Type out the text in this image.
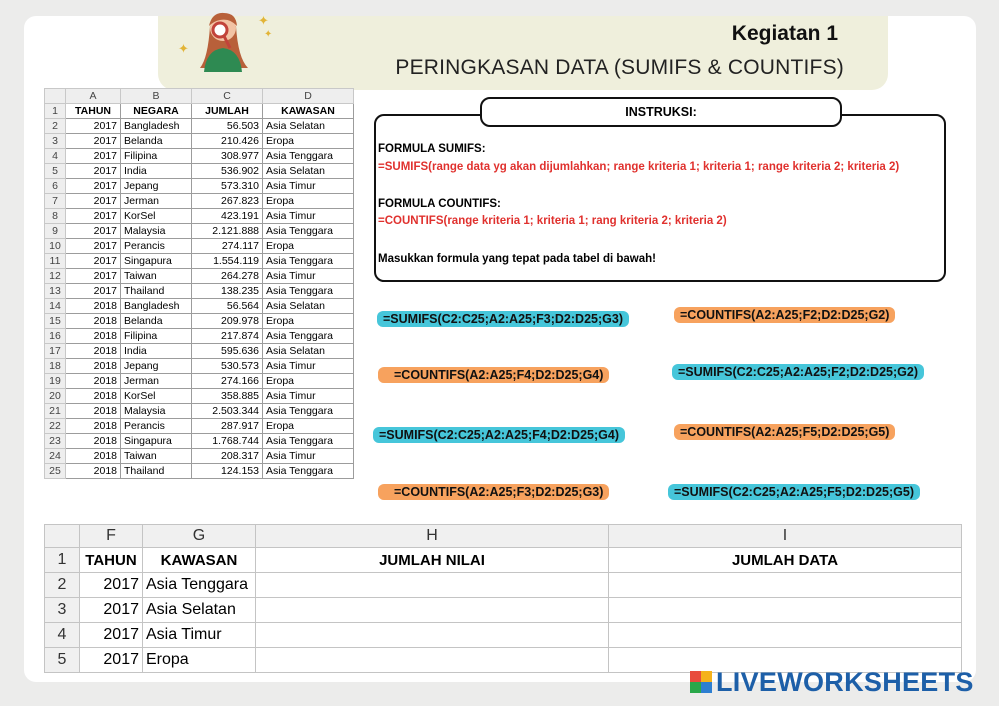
Kegiatan 1
PERINGKASAN DATA (SUMIFS & COUNTIFS)
✦
✦
✦
	A	B	C	D
1	TAHUN	NEGARA	JUMLAH	KAWASAN
2	2017	Bangladesh	56.503	Asia Selatan
3	2017	Belanda	210.426	Eropa
4	2017	Filipina	308.977	Asia Tenggara
5	2017	India	536.902	Asia Selatan
6	2017	Jepang	573.310	Asia Timur
7	2017	Jerman	267.823	Eropa
8	2017	KorSel	423.191	Asia Timur
9	2017	Malaysia	2.121.888	Asia Tenggara
10	2017	Perancis	274.117	Eropa
11	2017	Singapura	1.554.119	Asia Tenggara
12	2017	Taiwan	264.278	Asia Timur
13	2017	Thailand	138.235	Asia Tenggara
14	2018	Bangladesh	56.564	Asia Selatan
15	2018	Belanda	209.978	Eropa
16	2018	Filipina	217.874	Asia Tenggara
17	2018	India	595.636	Asia Selatan
18	2018	Jepang	530.573	Asia Timur
19	2018	Jerman	274.166	Eropa
20	2018	KorSel	358.885	Asia Timur
21	2018	Malaysia	2.503.344	Asia Tenggara
22	2018	Perancis	287.917	Eropa
23	2018	Singapura	1.768.744	Asia Tenggara
24	2018	Taiwan	208.317	Asia Timur
25	2018	Thailand	124.153	Asia Tenggara
INSTRUKSI:
FORMULA SUMIFS:
=SUMIFS(range data yg akan dijumlahkan; range kriteria 1; kriteria 1; range kriteria 2; kriteria 2)
FORMULA COUNTIFS:
=COUNTIFS(range kriteria 1; kriteria 1; rang kriteria 2; kriteria 2)
Masukkan formula yang tepat pada tabel di bawah!
=SUMIFS(C2:C25;A2:A25;F3;D2:D25;G3)	=COUNTIFS(A2:A25;F2;D2:D25;G2)
=COUNTIFS(A2:A25;F4;D2:D25;G4)	=SUMIFS(C2:C25;A2:A25;F2;D2:D25;G2)
=SUMIFS(C2:C25;A2:A25;F4;D2:D25;G4)	=COUNTIFS(A2:A25;F5;D2:D25;G5)
=COUNTIFS(A2:A25;F3;D2:D25;G3)	=SUMIFS(C2:C25;A2:A25;F5;D2:D25;G5)
	F	G	H	I
1	TAHUN	KAWASAN	JUMLAH NILAI	JUMLAH DATA
2	2017	Asia Tenggara		
3	2017	Asia Selatan		
4	2017	Asia Timur		
5	2017	Eropa		
LIVEWORKSHEETS
